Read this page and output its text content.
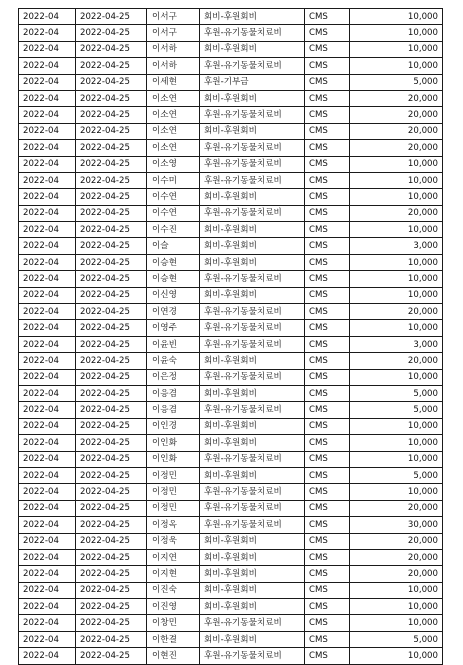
2022-04	2022-04-25	이서구	회비-후원회비	CMS	10,000
2022-04	2022-04-25	이서구	후원-유기동물치료비	CMS	10,000
2022-04	2022-04-25	이서하	회비-후원회비	CMS	10,000
2022-04	2022-04-25	이서하	후원-유기동물치료비	CMS	10,000
2022-04	2022-04-25	이세현	후원-기부금	CMS	5,000
2022-04	2022-04-25	이소연	회비-후원회비	CMS	20,000
2022-04	2022-04-25	이소연	후원-유기동물치료비	CMS	20,000
2022-04	2022-04-25	이소연	회비-후원회비	CMS	20,000
2022-04	2022-04-25	이소연	후원-유기동물치료비	CMS	20,000
2022-04	2022-04-25	이소영	후원-유기동물치료비	CMS	10,000
2022-04	2022-04-25	이수미	후원-유기동물치료비	CMS	10,000
2022-04	2022-04-25	이수연	회비-후원회비	CMS	10,000
2022-04	2022-04-25	이수연	후원-유기동물치료비	CMS	20,000
2022-04	2022-04-25	이수진	회비-후원회비	CMS	10,000
2022-04	2022-04-25	이슬	회비-후원회비	CMS	3,000
2022-04	2022-04-25	이승현	회비-후원회비	CMS	10,000
2022-04	2022-04-25	이승현	후원-유기동물치료비	CMS	10,000
2022-04	2022-04-25	이신영	회비-후원회비	CMS	10,000
2022-04	2022-04-25	이연경	후원-유기동물치료비	CMS	20,000
2022-04	2022-04-25	이영주	후원-유기동물치료비	CMS	10,000
2022-04	2022-04-25	이윤빈	후원-유기동물치료비	CMS	3,000
2022-04	2022-04-25	이윤숙	회비-후원회비	CMS	20,000
2022-04	2022-04-25	이은정	후원-유기동물치료비	CMS	10,000
2022-04	2022-04-25	이응겸	회비-후원회비	CMS	5,000
2022-04	2022-04-25	이응겸	후원-유기동물치료비	CMS	5,000
2022-04	2022-04-25	이인경	회비-후원회비	CMS	10,000
2022-04	2022-04-25	이인화	회비-후원회비	CMS	10,000
2022-04	2022-04-25	이인화	후원-유기동물치료비	CMS	10,000
2022-04	2022-04-25	이정민	회비-후원회비	CMS	5,000
2022-04	2022-04-25	이정민	후원-유기동물치료비	CMS	10,000
2022-04	2022-04-25	이정민	후원-유기동물치료비	CMS	20,000
2022-04	2022-04-25	이정옥	후원-유기동물치료비	CMS	30,000
2022-04	2022-04-25	이정욱	회비-후원회비	CMS	20,000
2022-04	2022-04-25	이지연	회비-후원회비	CMS	20,000
2022-04	2022-04-25	이지현	회비-후원회비	CMS	20,000
2022-04	2022-04-25	이진숙	회비-후원회비	CMS	10,000
2022-04	2022-04-25	이진영	회비-후원회비	CMS	10,000
2022-04	2022-04-25	이창민	후원-유기동물치료비	CMS	10,000
2022-04	2022-04-25	이한결	회비-후원회비	CMS	5,000
2022-04	2022-04-25	이현진	후원-유기동물치료비	CMS	10,000
